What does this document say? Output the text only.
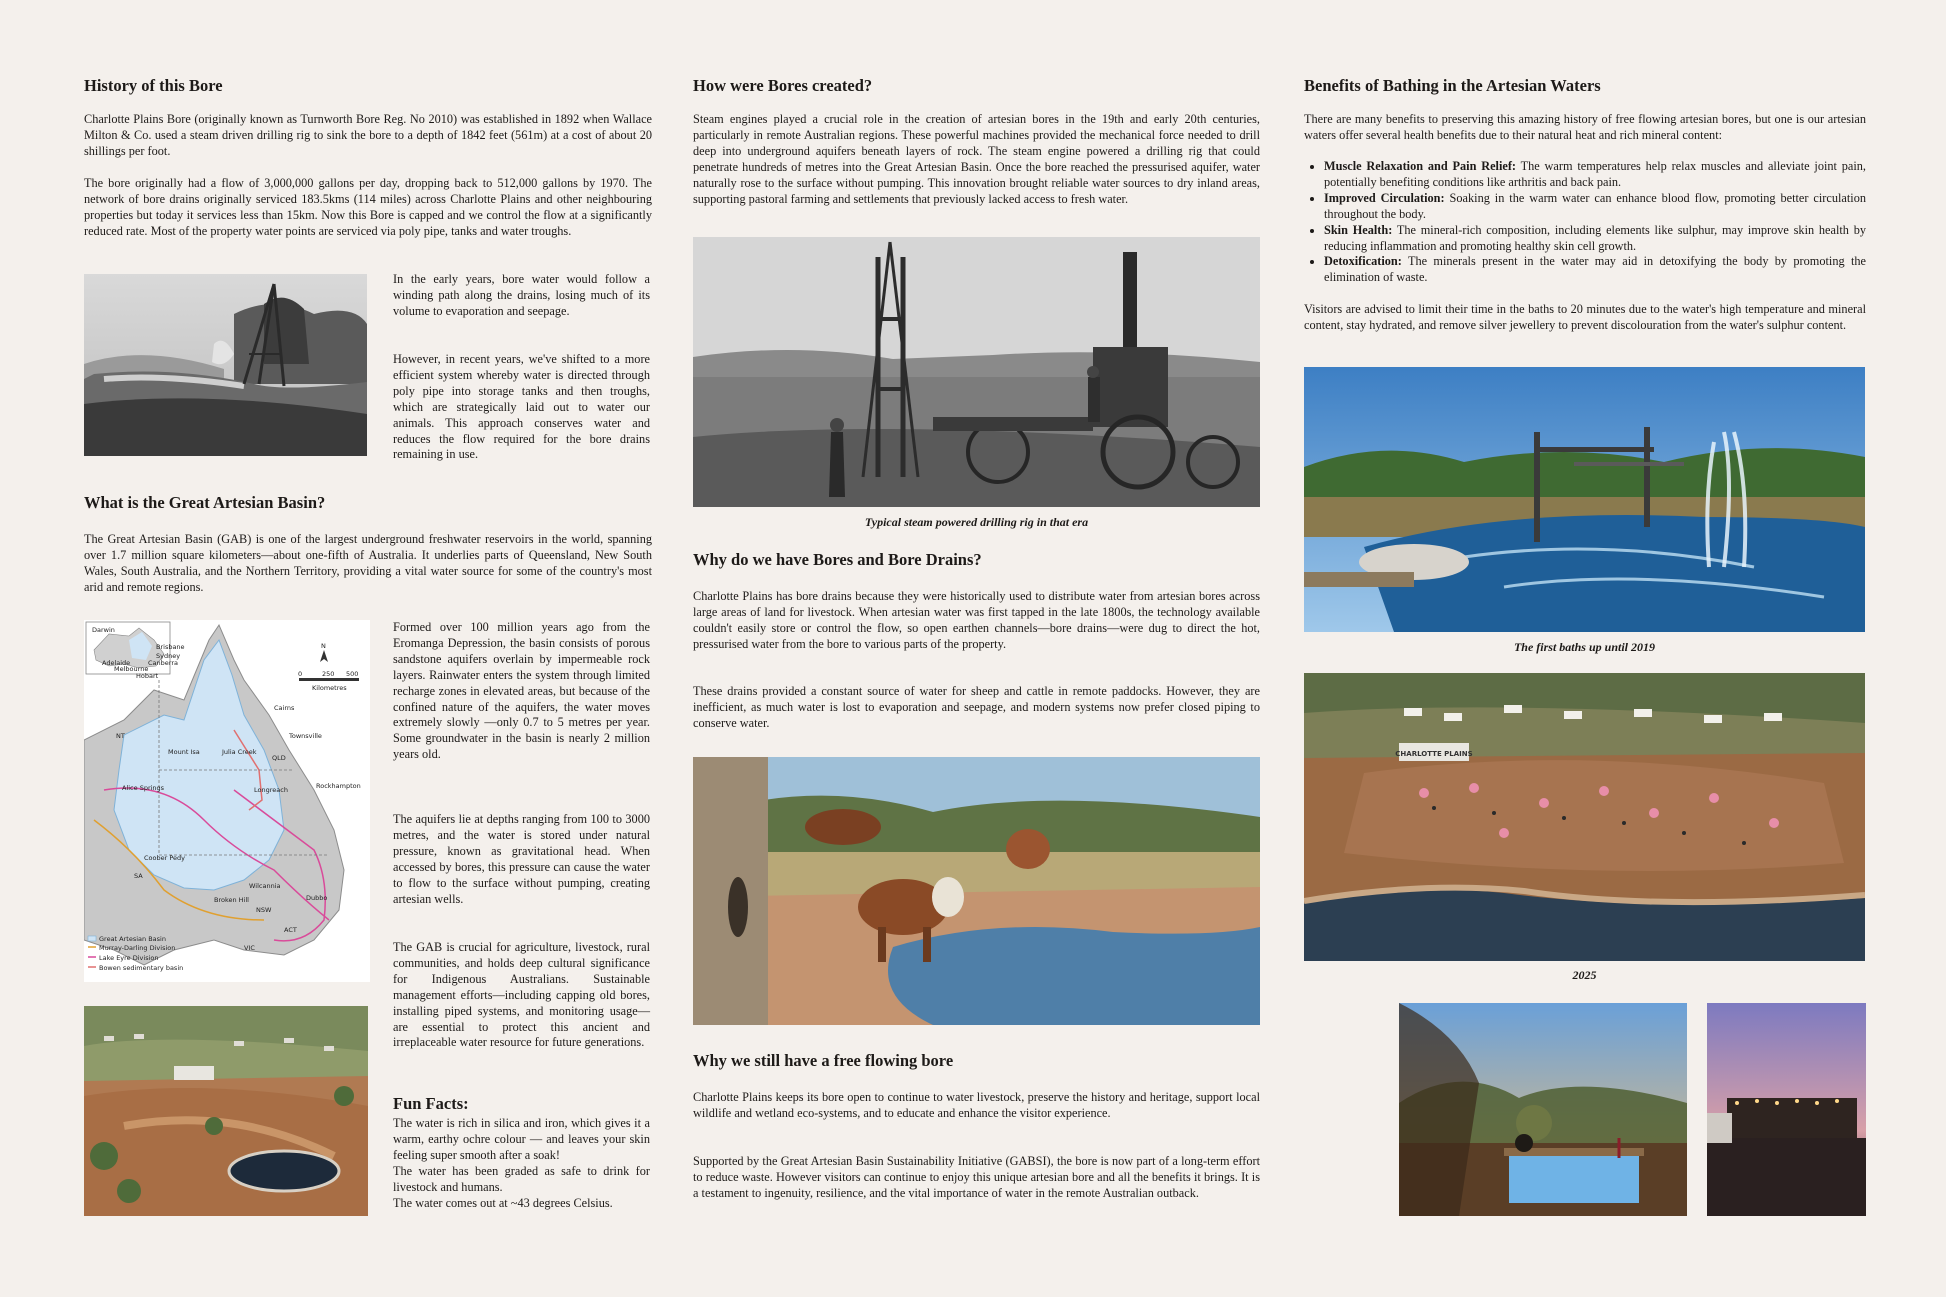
History of this Bore

Charlotte Plains Bore (originally known as Turnworth Bore Reg. No 2010) was established in 1892 when Wallace Milton & Co. used a steam driven drilling rig to sink the bore to a depth of 1842 feet (561m) at a cost of about 20 shillings per foot.

The bore originally had a flow of 3,000,000 gallons per day, dropping back to 512,000 gallons by 1970. The network of bore drains originally serviced 183.5kms (114 miles) across Charlotte Plains and other neighbouring properties but today it services less than 15km. Now this Bore is capped and we control the flow at a significantly reduced rate. Most of the property water points are serviced via poly pipe, tanks and water troughs.

In the early years, bore water would follow a winding path along the drains, losing much of its volume to evaporation and seepage.

However, in recent years, we've shifted to a more efficient system whereby water is directed through poly pipe into storage tanks and then troughs, which are strategically laid out to water our animals. This approach conserves water and reduces the flow required for the bore drains remaining in use.

What is the Great Artesian Basin?

The Great Artesian Basin (GAB) is one of the largest underground freshwater reservoirs in the world, spanning over 1.7 million square kilometers—about one-fifth of Australia. It underlies parts of Queensland, New South Wales, South Australia, and the Northern Territory, providing a vital water source for some of the country's most arid and remote regions.

Darwin
Brisbane
Sydney
Canberra
Adelaide
Melbourne
Hobart
Cairns
Townsville
Mount Isa	Julia Creek
Longreach	Rockhampton
Alice Springs
Coober Pedy
Broken Hill
Wilcannia
Dubbo
NT
QLD
SA
NSW
VIC
ACT
0	250 500
Kilometres
N
Great Artesian Basin
Murray-Darling Division
Lake Eyre Division
Bowen sedimentary basin

Formed over 100 million years ago from the Eromanga Depression, the basin consists of porous sandstone aquifers overlain by impermeable rock layers. Rainwater enters the system through limited recharge zones in elevated areas, but because of the confined nature of the aquifers, the water moves extremely slowly —only 0.7 to 5 metres per year. Some groundwater in the basin is nearly 2 million years old.

The aquifers lie at depths ranging from 100 to 3000 metres, and the water is stored under natural pressure, known as gravitational head. When accessed by bores, this pressure can cause the water to flow to the surface without pumping, creating artesian wells.

The GAB is crucial for agriculture, livestock, rural communities, and holds deep cultural significance for Indigenous Australians. Sustainable management efforts—including capping old bores, installing piped systems, and monitoring usage—are essential to protect this ancient and irreplaceable water resource for future generations.

Fun Facts:

The water is rich in silica and iron, which gives it a warm, earthy ochre colour — and leaves your skin feeling super smooth after a soak!

The water has been graded as safe to drink for livestock and humans.

The water comes out at ~43 degrees Celsius.

How were Bores created?

Steam engines played a crucial role in the creation of artesian bores in the 19th and early 20th centuries, particularly in remote Australian regions. These powerful machines provided the mechanical force needed to drill deep into underground aquifers beneath layers of rock. The steam engine powered a drilling rig that could penetrate hundreds of metres into the Great Artesian Basin. Once the bore reached the pressurised aquifer, water naturally rose to the surface without pumping. This innovation brought reliable water sources to dry inland areas, supporting pastoral farming and settlements that previously lacked access to fresh water.

Typical steam powered drilling rig in that era

Why do we have Bores and Bore Drains?

Charlotte Plains has bore drains because they were historically used to distribute water from artesian bores across large areas of land for livestock. When artesian water was first tapped in the late 1800s, the technology available couldn't easily store or control the flow, so open earthen channels—bore drains—were dug to direct the hot, pressurised water from the bore to various parts of the property.

These drains provided a constant source of water for sheep and cattle in remote paddocks. However, they are inefficient, as much water is lost to evaporation and seepage, and modern systems now prefer closed piping to conserve water.

Why we still have a free flowing bore

Charlotte Plains keeps its bore open to continue to water livestock, preserve the history and heritage, support local wildlife and wetland eco-systems, and to educate and enhance the visitor experience.

Supported by the Great Artesian Basin Sustainability Initiative (GABSI), the bore is now part of a long-term effort to reduce waste. However visitors can continue to enjoy this unique artesian bore and all the benefits it brings. It is a testament to ingenuity, resilience, and the vital importance of water in the remote Australian outback.

Benefits of Bathing in the Artesian Waters

There are many benefits to preserving this amazing history of free flowing artesian bores, but one is our artesian waters offer several health benefits due to their natural heat and rich mineral content:

• Muscle Relaxation and Pain Relief: The warm temperatures help relax muscles and alleviate joint pain, potentially benefiting conditions like arthritis and back pain.
• Improved Circulation: Soaking in the warm water can enhance blood flow, promoting better circulation throughout the body.
• Skin Health: The mineral-rich composition, including elements like sulphur, may improve skin health by reducing inflammation and promoting healthy skin cell growth.
• Detoxification: The minerals present in the water may aid in detoxifying the body by promoting the elimination of waste.

Visitors are advised to limit their time in the baths to 20 minutes due to the water's high temperature and mineral content, stay hydrated, and remove silver jewellery to prevent discolouration from the water's sulphur content.

The first baths up until 2019

CHARLOTTE PLAINS

2025
